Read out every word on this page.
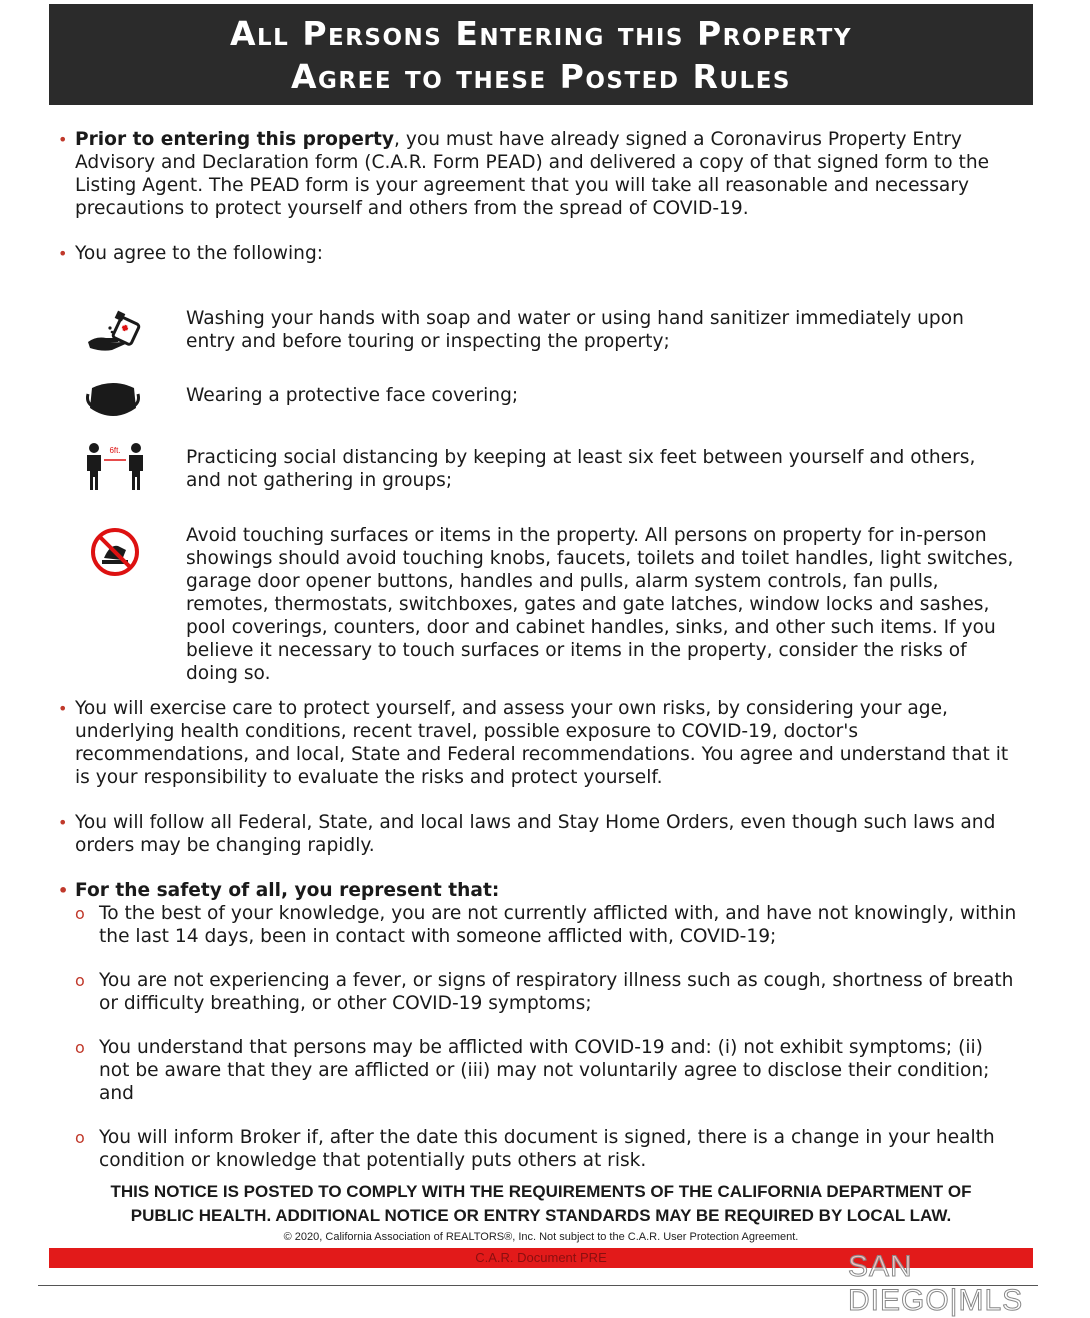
All Persons Entering this Property
Agree to these Posted Rules
• Prior to entering this property, you must have already signed a Coronavirus Property Entry Advisory and Declaration form (C.A.R. Form PEAD) and delivered a copy of that signed form to the Listing Agent. The PEAD form is your agreement that you will take all reasonable and necessary precautions to protect yourself and others from the spread of COVID-19.
• You agree to the following:
Washing your hands with soap and water or using hand sanitizer immediately upon entry and before touring or inspecting the property;
Wearing a protective face covering;
6ft.	Practicing social distancing by keeping at least six feet between yourself and others, and not gathering in groups;
Avoid touching surfaces or items in the property. All persons on property for in-person showings should avoid touching knobs, faucets, toilets and toilet handles, light switches, garage door opener buttons, handles and pulls, alarm system controls, fan pulls, remotes, thermostats, switchboxes, gates and gate latches, window locks and sashes, pool coverings, counters, door and cabinet handles, sinks, and other such items. If you believe it necessary to touch surfaces or items in the property, consider the risks of doing so.
• You will exercise care to protect yourself, and assess your own risks, by considering your age, underlying health conditions, recent travel, possible exposure to COVID-19, doctor's recommendations, and local, State and Federal recommendations. You agree and understand that it is your responsibility to evaluate the risks and protect yourself.
• You will follow all Federal, State, and local laws and Stay Home Orders, even though such laws and orders may be changing rapidly.
• For the safety of all, you represent that:
o To the best of your knowledge, you are not currently afflicted with, and have not knowingly, within the last 14 days, been in contact with someone afflicted with, COVID-19;
o You are not experiencing a fever, or signs of respiratory illness such as cough, shortness of breath or difficulty breathing, or other COVID-19 symptoms;
o You understand that persons may be afflicted with COVID-19 and: (i) not exhibit symptoms; (ii) not be aware that they are afflicted or (iii) may not voluntarily agree to disclose their condition; and
o You will inform Broker if, after the date this document is signed, there is a change in your health condition or knowledge that potentially puts others at risk.
THIS NOTICE IS POSTED TO COMPLY WITH THE REQUIREMENTS OF THE CALIFORNIA DEPARTMENT OF
PUBLIC HEALTH. ADDITIONAL NOTICE OR ENTRY STANDARDS MAY BE REQUIRED BY LOCAL LAW.
© 2020, California Association of REALTORS®, Inc. Not subject to the C.A.R. User Protection Agreement.
C.A.R. Document PRE	SAN DIEGO|MLS
